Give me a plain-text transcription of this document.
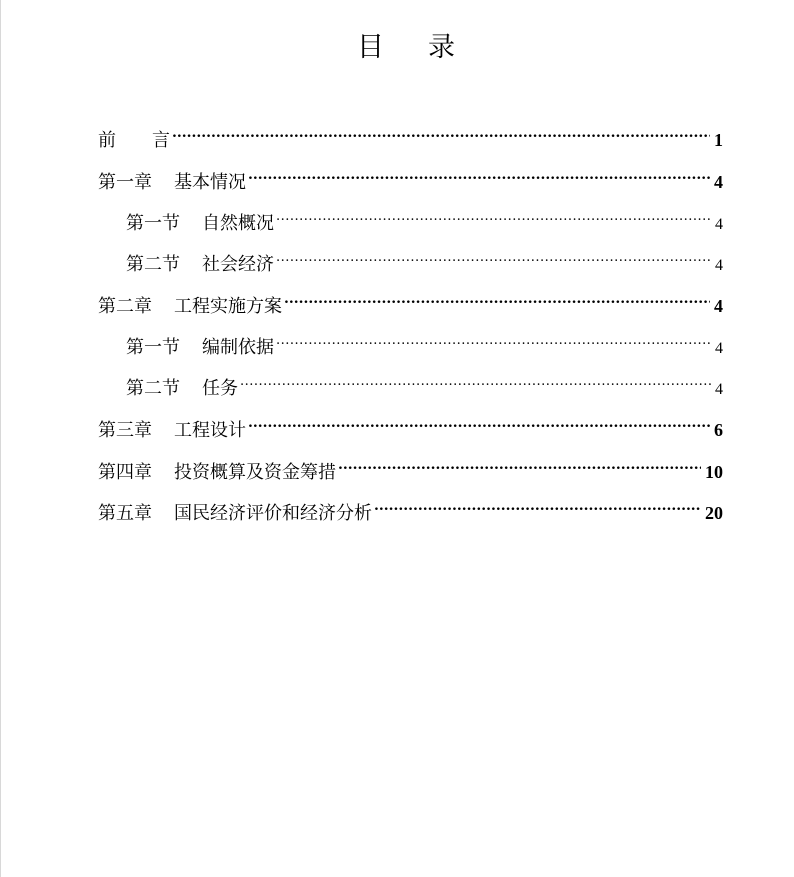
目 录
前 言 .....	1
第一章 基本情况 .....	4
第一节 自然概况 .....	4
第二节 社会经济 .....	4
第二章 工程实施方案 .....	4
第一节 编制依据 .....	4
第二节 任务 .....	4
第三章 工程设计 .....	6
第四章 投资概算及资金筹措 .....	10
第五章 国民经济评价和经济分析 .....	20
